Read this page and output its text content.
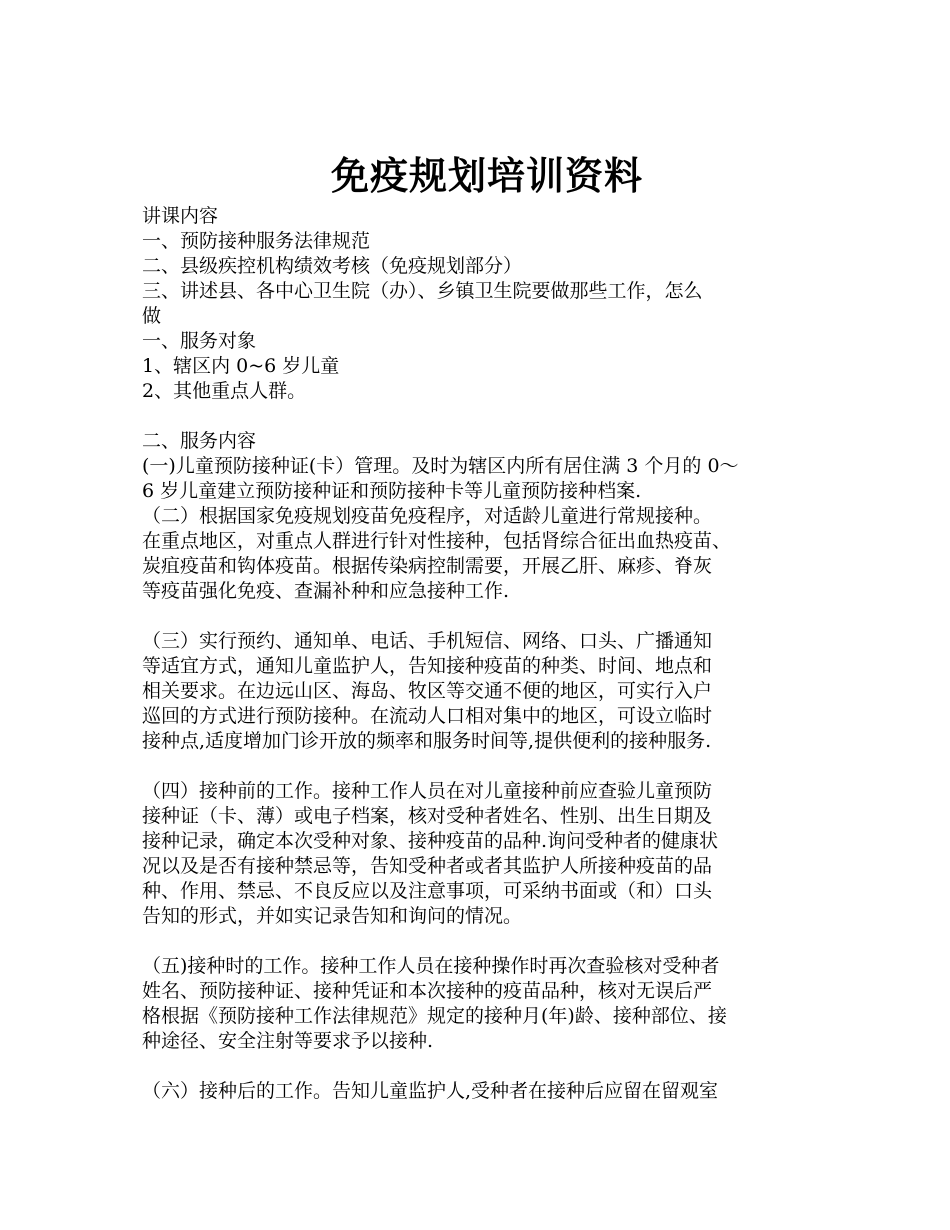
免疫规划培训资料

讲课内容

一、预防接种服务法律规范

二、县级疾控机构绩效考核（免疫规划部分）

三、讲述县、各中心卫生院（办）、乡镇卫生院要做那些工作，怎么

做

一、服务对象

1、辖区内 0~6 岁儿童

2、其他重点人群。

二、服务内容

(一)儿童预防接种证(卡）管理。及时为辖区内所有居住满 3 个月的 0～

6 岁儿童建立预防接种证和预防接种卡等儿童预防接种档案.

（二）根据国家免疫规划疫苗免疫程序，对适龄儿童进行常规接种。

在重点地区，对重点人群进行针对性接种，包括肾综合征出血热疫苗、

炭疽疫苗和钩体疫苗。根据传染病控制需要，开展乙肝、麻疹、脊灰

等疫苗强化免疫、查漏补种和应急接种工作.

（三）实行预约、通知单、电话、手机短信、网络、口头、广播通知

等适宜方式，通知儿童监护人，告知接种疫苗的种类、时间、地点和

相关要求。在边远山区、海岛、牧区等交通不便的地区，可实行入户

巡回的方式进行预防接种。在流动人口相对集中的地区，可设立临时

接种点,适度增加门诊开放的频率和服务时间等,提供便利的接种服务.

（四）接种前的工作。接种工作人员在对儿童接种前应查验儿童预防

接种证（卡、薄）或电子档案，核对受种者姓名、性别、出生日期及

接种记录，确定本次受种对象、接种疫苗的品种.询问受种者的健康状

况以及是否有接种禁忌等，告知受种者或者其监护人所接种疫苗的品

种、作用、禁忌、不良反应以及注意事项，可采纳书面或（和）口头

告知的形式，并如实记录告知和询问的情况。

（五)接种时的工作。接种工作人员在接种操作时再次查验核对受种者

姓名、预防接种证、接种凭证和本次接种的疫苗品种，核对无误后严

格根据《预防接种工作法律规范》规定的接种月(年)龄、接种部位、接

种途径、安全注射等要求予以接种.

（六）接种后的工作。告知儿童监护人,受种者在接种后应留在留观室
